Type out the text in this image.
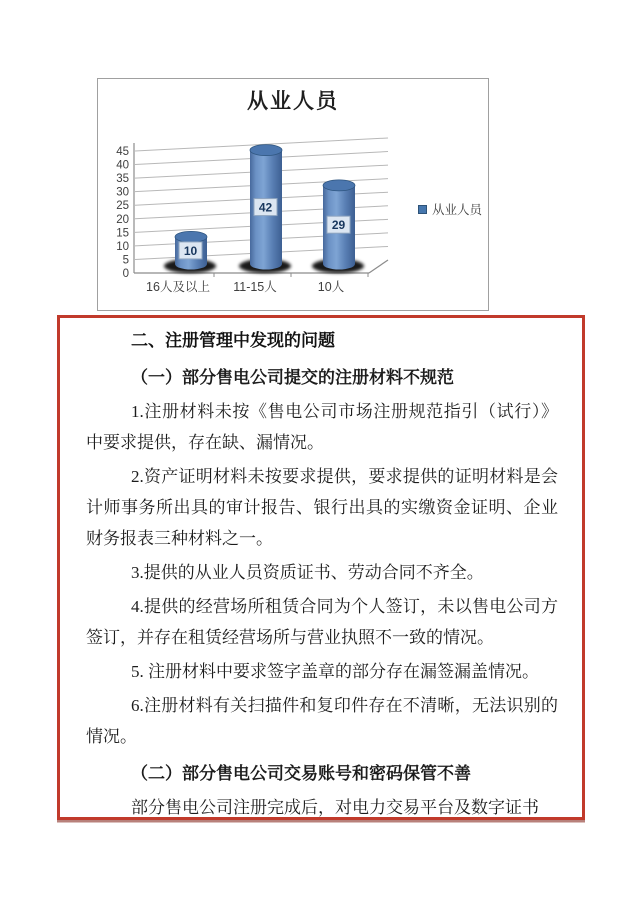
从业人员
0
5
10
15
20
25
30
35
40
45
16人及以上 11-15人	10人
10
42
29
从业人员
二、注册管理中发现的问题
（一）部分售电公司提交的注册材料不规范
1.注册材料未按《售电公司市场注册规范指引（试行）》中要求提供，存在缺、漏情况。
2.资产证明材料未按要求提供，要求提供的证明材料是会计师事务所出具的审计报告、银行出具的实缴资金证明、企业财务报表三种材料之一。
3.提供的从业人员资质证书、劳动合同不齐全。
4.提供的经营场所租赁合同为个人签订，未以售电公司方签订，并存在租赁经营场所与营业执照不一致的情况。
5. 注册材料中要求签字盖章的部分存在漏签漏盖情况。
6.注册材料有关扫描件和复印件存在不清晰，无法识别的情况。
（二）部分售电公司交易账号和密码保管不善
部分售电公司注册完成后，对电力交易平台及数字证书
